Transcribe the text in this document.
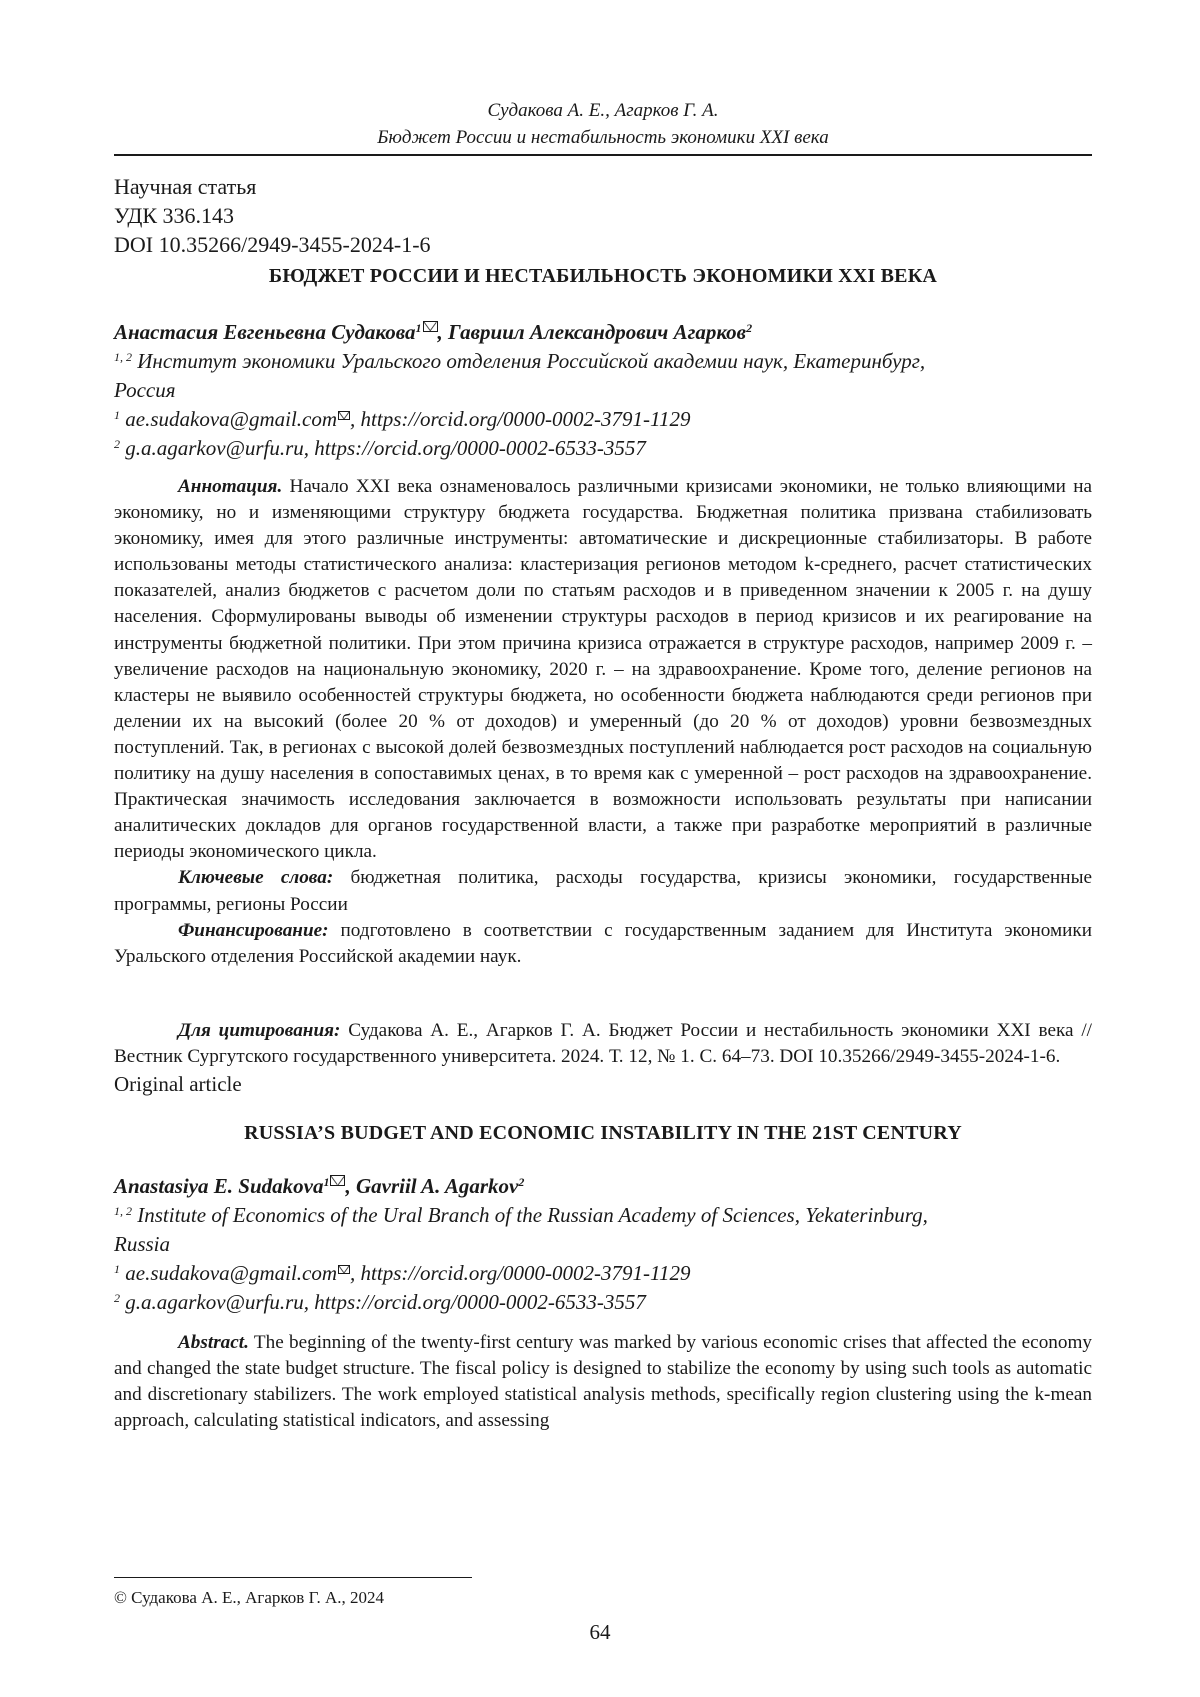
Судакова А. Е., Агарков Г. А.
Бюджет России и нестабильность экономики XXI века
Научная статья
УДК 336.143
DOI 10.35266/2949-3455-2024-1-6
БЮДЖЕТ РОССИИ И НЕСТАБИЛЬНОСТЬ ЭКОНОМИКИ XXI ВЕКА
Анастасия Евгеньевна Судакова1 , Гавриил Александрович Агарков2
1, 2 Институт экономики Уральского отделения Российской академии наук, Екатеринбург,
Россия
1 ae.sudakova@gmail.com , https://orcid.org/0000-0002-3791-1129
2 g.a.agarkov@urfu.ru, https://orcid.org/0000-0002-6533-3557

Аннотация. Начало XXI века ознаменовалось различными кризисами экономики, не только влияющими на экономику, но и изменяющими структуру бюджета государства. Бюджетная политика призвана стабилизовать экономику, имея для этого различные инструменты: автоматические и дискреционные стабилизаторы. В работе использованы методы статистического анализа: кластеризация регионов методом k-среднего, расчет статистических показателей, анализ бюджетов с расчетом доли по статьям расходов и в приведенном значении к 2005 г. на душу населения. Сформулированы выводы об изменении структуры расходов в период кризисов и их реагирование на инструменты бюджетной политики. При этом причина кризиса отражается в структуре расходов, например 2009 г. – увеличение расходов на национальную экономику, 2020 г. – на здравоохранение. Кроме того, деление регионов на кластеры не выявило особенностей структуры бюджета, но особенности бюджета наблюдаются среди регионов при делении их на высокий (более 20 % от доходов) и умеренный (до 20 % от доходов) уровни безвозмездных поступлений. Так, в регионах с высокой долей безвозмездных поступлений наблюдается рост расходов на социальную политику на душу населения в сопоставимых ценах, в то время как с умеренной – рост расходов на здравоохранение. Практическая значимость исследования заключается в возможности использовать результаты при написании аналитических докладов для органов государственной власти, а также при разработке мероприятий в различные периоды экономического цикла.

Ключевые слова: бюджетная политика, расходы государства, кризисы экономики, государственные программы, регионы России

Финансирование: подготовлено в соответствии с государственным заданием для Института экономики Уральского отделения Российской академии наук.

Для цитирования: Судакова А. Е., Агарков Г. А. Бюджет России и нестабильность экономики XXI века // Вестник Сургутского государственного университета. 2024. Т. 12, № 1. С. 64–73. DOI 10.35266/2949-3455-2024-1-6.

Original article
RUSSIA’S BUDGET AND ECONOMIC INSTABILITY IN THE 21ST CENTURY
Anastasiya E. Sudakova1 , Gavriil A. Agarkov2
1, 2 Institute of Economics of the Ural Branch of the Russian Academy of Sciences, Yekaterinburg,
Russia
1 ae.sudakova@gmail.com , https://orcid.org/0000-0002-3791-1129
2 g.a.agarkov@urfu.ru, https://orcid.org/0000-0002-6533-3557

Abstract. The beginning of the twenty-first century was marked by various economic crises that affected the economy and changed the state budget structure. The fiscal policy is designed to stabilize the economy by using such tools as automatic and discretionary stabilizers. The work employed statistical analysis methods, specifically region clustering using the k-mean approach, calculating statistical indicators, and assessing

© Судакова А. Е., Агарков Г. А., 2024
64
